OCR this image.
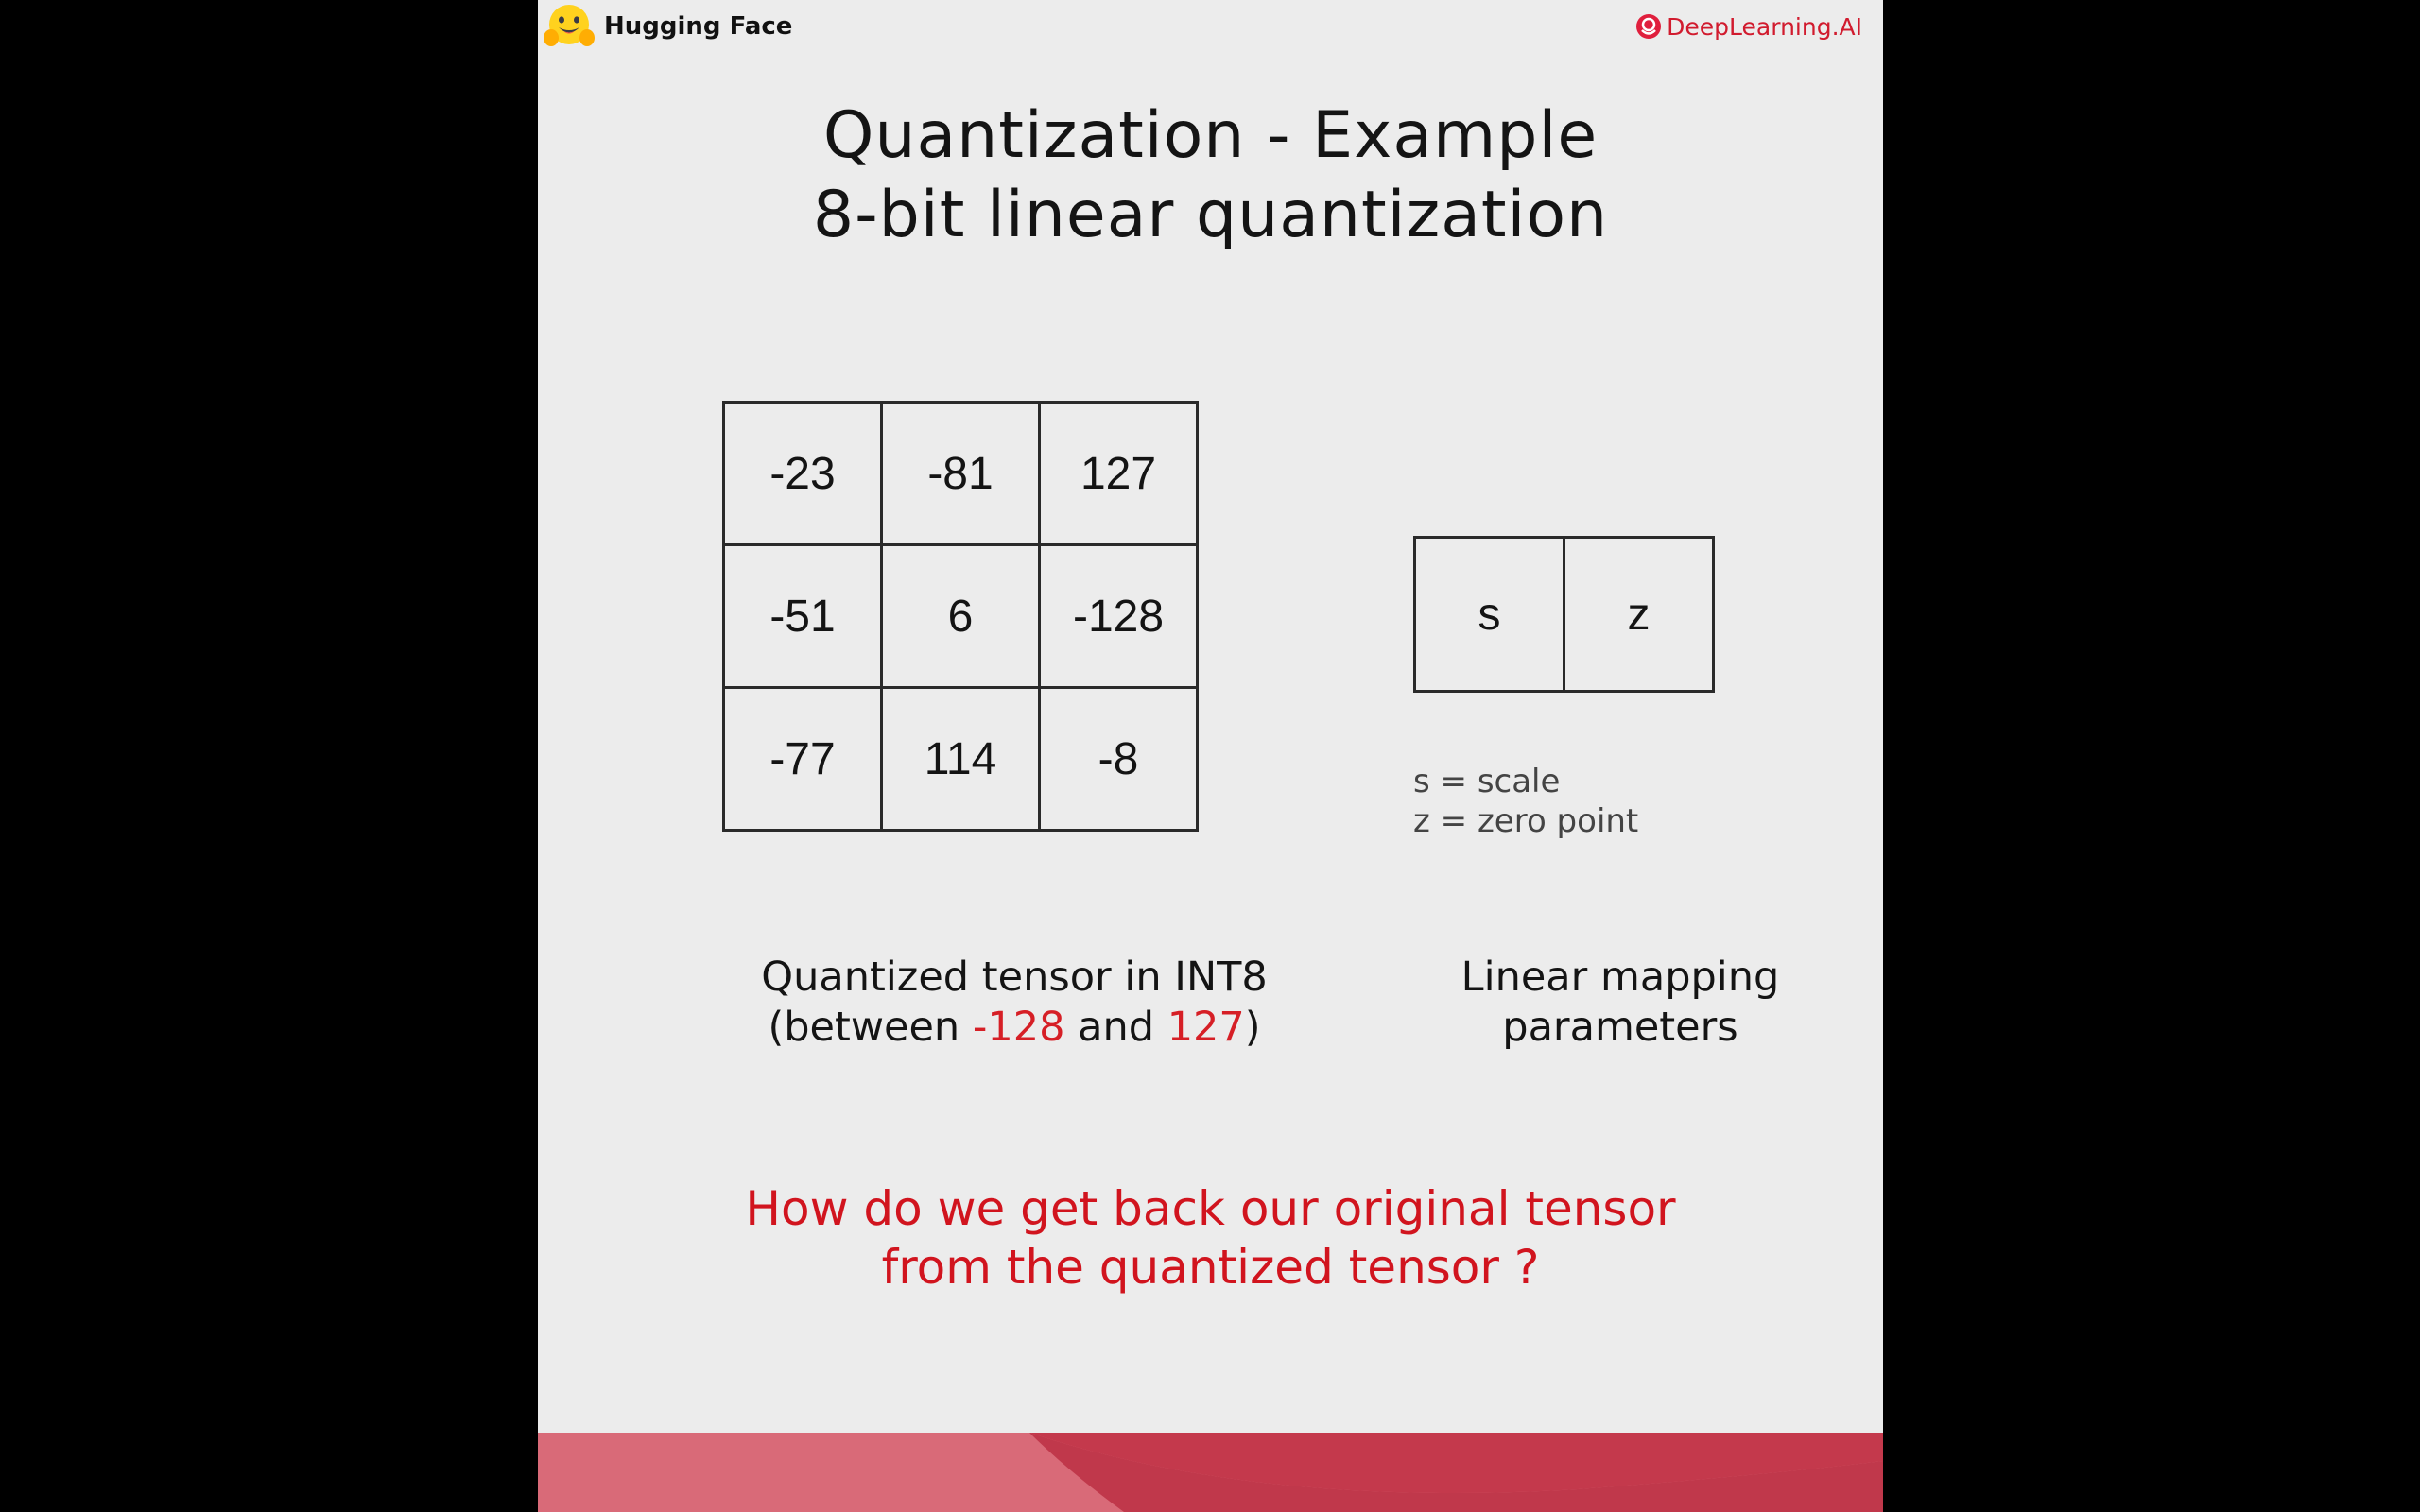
Hugging Face	DeepLearning.AI
Quantization - Example
8-bit linear quantization
-23	-81	127
-51	6	-128
-77	114	-8
s	z
s = scale
z = zero point
Quantized tensor in INT8
(between -128 and 127)
Linear mapping
parameters
How do we get back our original tensor
from the quantized tensor ?
